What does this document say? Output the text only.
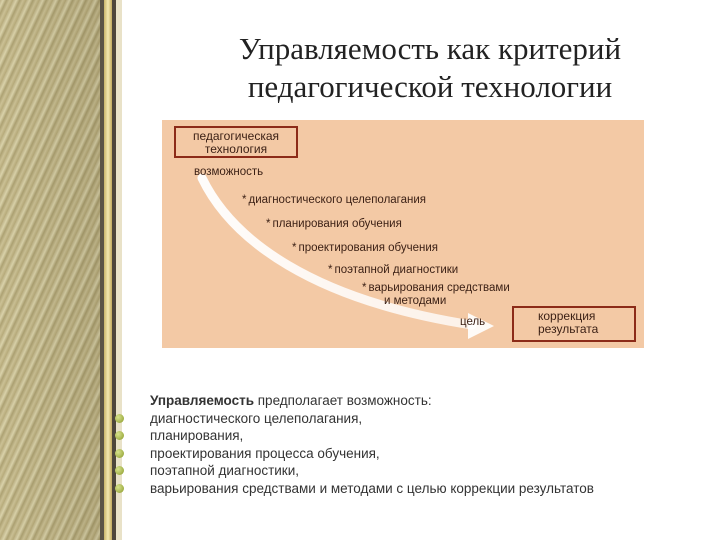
Управляемость как критерий
педагогической технологии
педагогическая технология
возможность
* диагностического целеполагания
* планирования обучения
* проектирования обучения
* поэтапной диагностики
* варьирования средствами
и методами
цель	коррекция
результата
Управляемость предполагает возможность:
диагностического целеполагания,
планирования,
проектирования процесса обучения,
поэтапной диагностики,
варьирования средствами и методами с целью коррекции результатов
